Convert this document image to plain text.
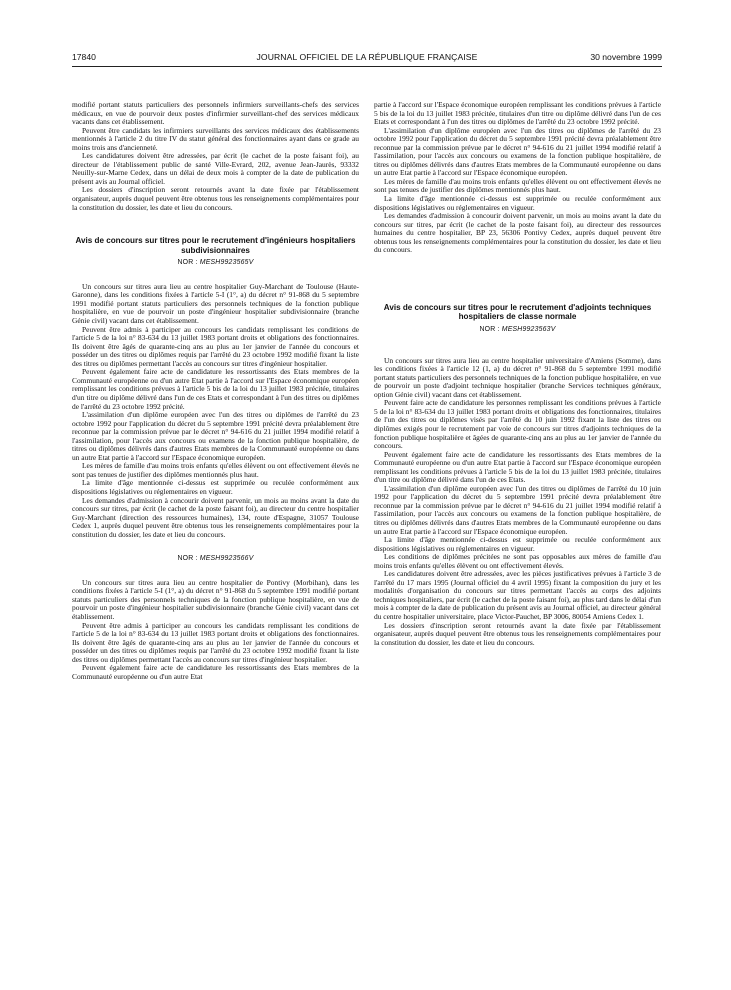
JOURNAL OFFICIEL DE LA RÉPUBLIQUE FRANÇAISE
17840	30 novembre 1999

modifié portant statuts particuliers des personnels infirmiers surveillants-chefs des services médicaux, en vue de pourvoir deux postes d'infirmier surveillant-chef des services médicaux vacants dans cet établissement.

Peuvent être candidats les infirmiers surveillants des services médicaux des établissements mentionnés à l'article 2 du titre IV du statut général des fonctionnaires ayant dans ce grade au moins trois ans d'ancienneté.

Les candidatures doivent être adressées, par écrit (le cachet de la poste faisant foi), au directeur de l'établissement public de santé Ville-Evrard, 202, avenue Jean-Jaurès, 93332 Neuilly-sur-Marne Cedex, dans un délai de deux mois à compter de la date de publication du présent avis au Journal officiel.

Les dossiers d'inscription seront retournés avant la date fixée par l'établissement organisateur, auprès duquel peuvent être obtenus tous les renseignements complémentaires pour la constitution du dossier, les date et lieu du concours.

Avis de concours sur titres pour le recrutement d'ingénieurs hospitaliers subdivisionnaires

NOR : MESH9923565V

Un concours sur titres aura lieu au centre hospitalier Guy-Marchant de Toulouse (Haute-Garonne), dans les conditions fixées à l'article 5-I (1°, a) du décret n° 91-868 du 5 septembre 1991 modifié portant statuts particuliers des personnels techniques de la fonction publique hospitalière, en vue de pourvoir un poste d'ingénieur hospitalier subdivisionnaire (branche Génie civil) vacant dans cet établissement.

Peuvent être admis à participer au concours les candidats remplissant les conditions de l'article 5 de la loi n° 83-634 du 13 juillet 1983 portant droits et obligations des fonctionnaires. Ils doivent être âgés de quarante-cinq ans au plus au 1er janvier de l'année du concours et posséder un des titres ou diplômes requis par l'arrêté du 23 octobre 1992 modifié fixant la liste des titres ou diplômes permettant l'accès au concours sur titres d'ingénieur hospitalier.

Peuvent également faire acte de candidature les ressortissants des Etats membres de la Communauté européenne ou d'un autre Etat partie à l'accord sur l'Espace économique européen remplissant les conditions prévues à l'article 5 bis de la loi du 13 juillet 1983 précitée, titulaires d'un titre ou diplôme délivré dans l'un de ces Etats et correspondant à l'un des titres ou diplômes de l'arrêté du 23 octobre 1992 précité.

L'assimilation d'un diplôme européen avec l'un des titres ou diplômes de l'arrêté du 23 octobre 1992 pour l'application du décret du 5 septembre 1991 précité devra préalablement être reconnue par la commission prévue par le décret n° 94-616 du 21 juillet 1994 modifié relatif à l'assimilation, pour l'accès aux concours ou examens de la fonction publique hospitalière, de titres ou diplômes délivrés dans d'autres Etats membres de la Communauté européenne ou dans un autre Etat partie à l'accord sur l'Espace économique européen.

Les mères de famille d'au moins trois enfants qu'elles élèvent ou ont effectivement élevés ne sont pas tenues de justifier des diplômes mentionnés plus haut.

La limite d'âge mentionnée ci-dessus est supprimée ou reculée conformément aux dispositions législatives ou réglementaires en vigueur.

Les demandes d'admission à concourir doivent parvenir, un mois au moins avant la date du concours sur titres, par écrit (le cachet de la poste faisant foi), au directeur du centre hospitalier Guy-Marchant (direction des ressources humaines), 134, route d'Espagne, 31057 Toulouse Cedex 1, auprès duquel peuvent être obtenus tous les renseignements complémentaires pour la constitution du dossier, les date et lieu du concours.

NOR : MESH9923566V

Un concours sur titres aura lieu au centre hospitalier de Pontivy (Morbihan), dans les conditions fixées à l'article 5-I (1°, a) du décret n° 91-868 du 5 septembre 1991 modifié portant statuts particuliers des personnels techniques de la fonction publique hospitalière, en vue de pourvoir un poste d'ingénieur hospitalier subdivisionnaire (branche Génie civil) vacant dans cet établissement.

Peuvent être admis à participer au concours les candidats remplissant les conditions de l'article 5 de la loi n° 83-634 du 13 juillet 1983 portant droits et obligations des fonctionnaires. Ils doivent être âgés de quarante-cinq ans au plus au 1er janvier de l'année du concours et posséder un des titres ou diplômes requis par l'arrêté du 23 octobre 1992 modifié fixant la liste des titres ou diplômes permettant l'accès au concours sur titres d'ingénieur hospitalier.

Peuvent également faire acte de candidature les ressortissants des Etats membres de la Communauté européenne ou d'un autre Etat

partie à l'accord sur l'Espace économique européen remplissant les conditions prévues à l'article 5 bis de la loi du 13 juillet 1983 précitée, titulaires d'un titre ou diplôme délivré dans l'un de ces Etats et correspondant à l'un des titres ou diplômes de l'arrêté du 23 octobre 1992 précité.

L'assimilation d'un diplôme européen avec l'un des titres ou diplômes de l'arrêté du 23 octobre 1992 pour l'application du décret du 5 septembre 1991 précité devra préalablement être reconnue par la commission prévue par le décret n° 94-616 du 21 juillet 1994 modifié relatif à l'assimilation, pour l'accès aux concours ou examens de la fonction publique hospitalière, de titres ou diplômes délivrés dans d'autres Etats membres de la Communauté européenne ou dans un autre Etat partie à l'accord sur l'Espace économique européen.

Les mères de famille d'au moins trois enfants qu'elles élèvent ou ont effectivement élevés ne sont pas tenues de justifier des diplômes mentionnés plus haut.

La limite d'âge mentionnée ci-dessus est supprimée ou reculée conformément aux dispositions législatives ou réglementaires en vigueur.

Les demandes d'admission à concourir doivent parvenir, un mois au moins avant la date du concours sur titres, par écrit (le cachet de la poste faisant foi), au directeur des ressources humaines du centre hospitalier, BP 23, 56306 Pontivy Cedex, auprès duquel peuvent être obtenus tous les renseignements complémentaires pour la constitution du dossier, les date et lieu du concours.

Avis de concours sur titres pour le recrutement d'adjoints techniques hospitaliers de classe normale

NOR : MESH9923563V

Un concours sur titres aura lieu au centre hospitalier universitaire d'Amiens (Somme), dans les conditions fixées à l'article 12 (1, a) du décret n° 91-868 du 5 septembre 1991 modifié portant statuts particuliers des personnels techniques de la fonction publique hospitalière, en vue de pourvoir un poste d'adjoint technique hospitalier (branche Services techniques généraux, option Génie civil) vacant dans cet établissement.

Peuvent faire acte de candidature les personnes remplissant les conditions prévues à l'article 5 de la loi n° 83-634 du 13 juillet 1983 portant droits et obligations des fonctionnaires, titulaires de l'un des titres ou diplômes visés par l'arrêté du 10 juin 1992 fixant la liste des titres ou diplômes exigés pour le recrutement par voie de concours sur titres d'adjoints techniques de la fonction publique hospitalière et âgées de quarante-cinq ans au plus au 1er janvier de l'année du concours.

Peuvent également faire acte de candidature les ressortissants des Etats membres de la Communauté européenne ou d'un autre Etat partie à l'accord sur l'Espace économique européen remplissant les conditions prévues à l'article 5 bis de la loi du 13 juillet 1983 précitée, titulaires d'un titre ou diplôme délivré dans l'un de ces Etats.

L'assimilation d'un diplôme européen avec l'un des titres ou diplômes de l'arrêté du 10 juin 1992 pour l'application du décret du 5 septembre 1991 précité devra préalablement être reconnue par la commission prévue par le décret n° 94-616 du 21 juillet 1994 modifié relatif à l'assimilation, pour l'accès aux concours ou examens de la fonction publique hospitalière, de titres ou diplômes délivrés dans d'autres Etats membres de la Communauté européenne ou dans un autre Etat partie à l'accord sur l'Espace économique européen.

La limite d'âge mentionnée ci-dessus est supprimée ou reculée conformément aux dispositions législatives ou réglementaires en vigueur.

Les conditions de diplômes précitées ne sont pas opposables aux mères de famille d'au moins trois enfants qu'elles élèvent ou ont effectivement élevés.

Les candidatures doivent être adressées, avec les pièces justificatives prévues à l'article 3 de l'arrêté du 17 mars 1995 (Journal officiel du 4 avril 1995) fixant la composition du jury et les modalités d'organisation du concours sur titres permettant l'accès au corps des adjoints techniques hospitaliers, par écrit (le cachet de la poste faisant foi), au plus tard dans le délai d'un mois à compter de la date de publication du présent avis au Journal officiel, au directeur général du centre hospitalier universitaire, place Victor-Pauchet, BP 3006, 80054 Amiens Cedex 1.

Les dossiers d'inscription seront retournés avant la date fixée par l'établissement organisateur, auprès duquel peuvent être obtenus tous les renseignements complémentaires pour la constitution du dossier, les date et lieu du concours.
